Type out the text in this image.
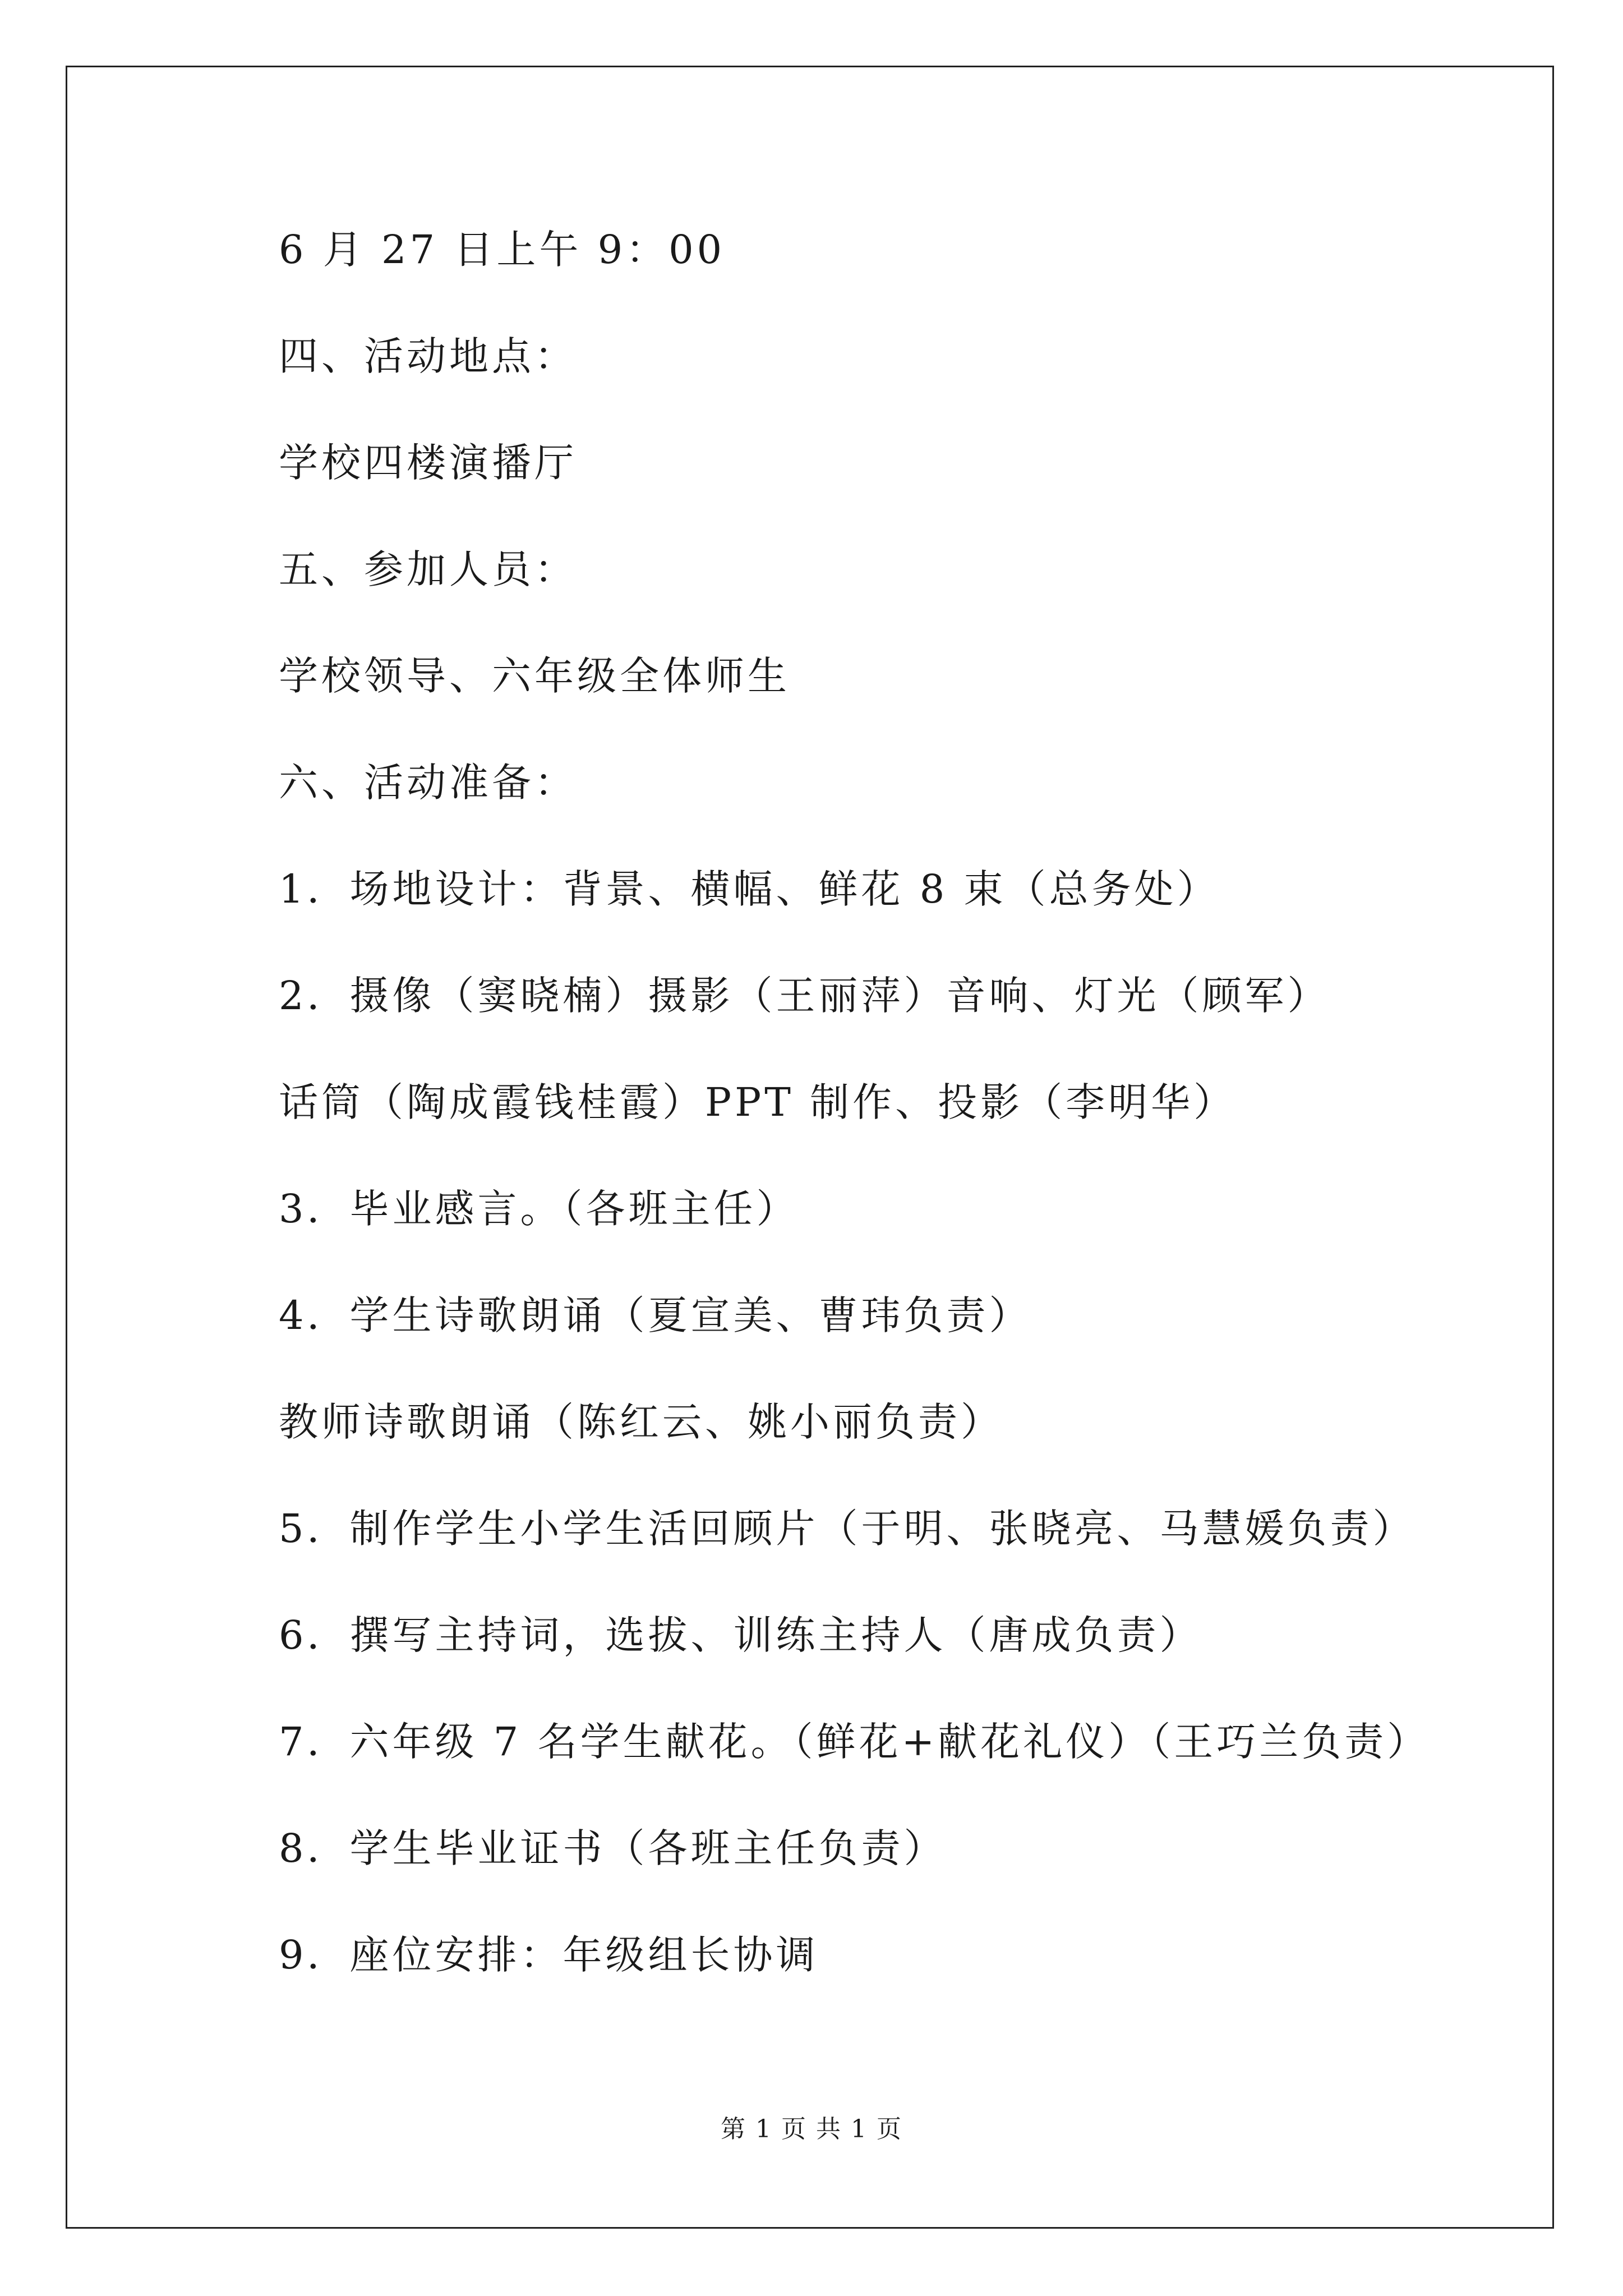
6 月 27 日上午 9：00
四、活动地点：
学校四楼演播厅
五、参加人员：
学校领导、六年级全体师生
六、活动准备：
1．场地设计：背景、横幅、鲜花 8 束（总务处）
2．摄像（窦晓楠）摄影（王丽萍）音响、灯光（顾军）
话筒（陶成霞钱桂霞）PPT 制作、投影（李明华）
3．毕业感言。（各班主任）
4．学生诗歌朗诵（夏宣美、曹玮负责）
教师诗歌朗诵（陈红云、姚小丽负责）
5．制作学生小学生活回顾片（于明、张晓亮、马慧媛负责）
6．撰写主持词，选拔、训练主持人（唐成负责）
7．六年级 7 名学生献花。（鲜花+献花礼仪）（王巧兰负责）
8．学生毕业证书（各班主任负责）
9．座位安排：年级组长协调
第 1 页 共 1 页
